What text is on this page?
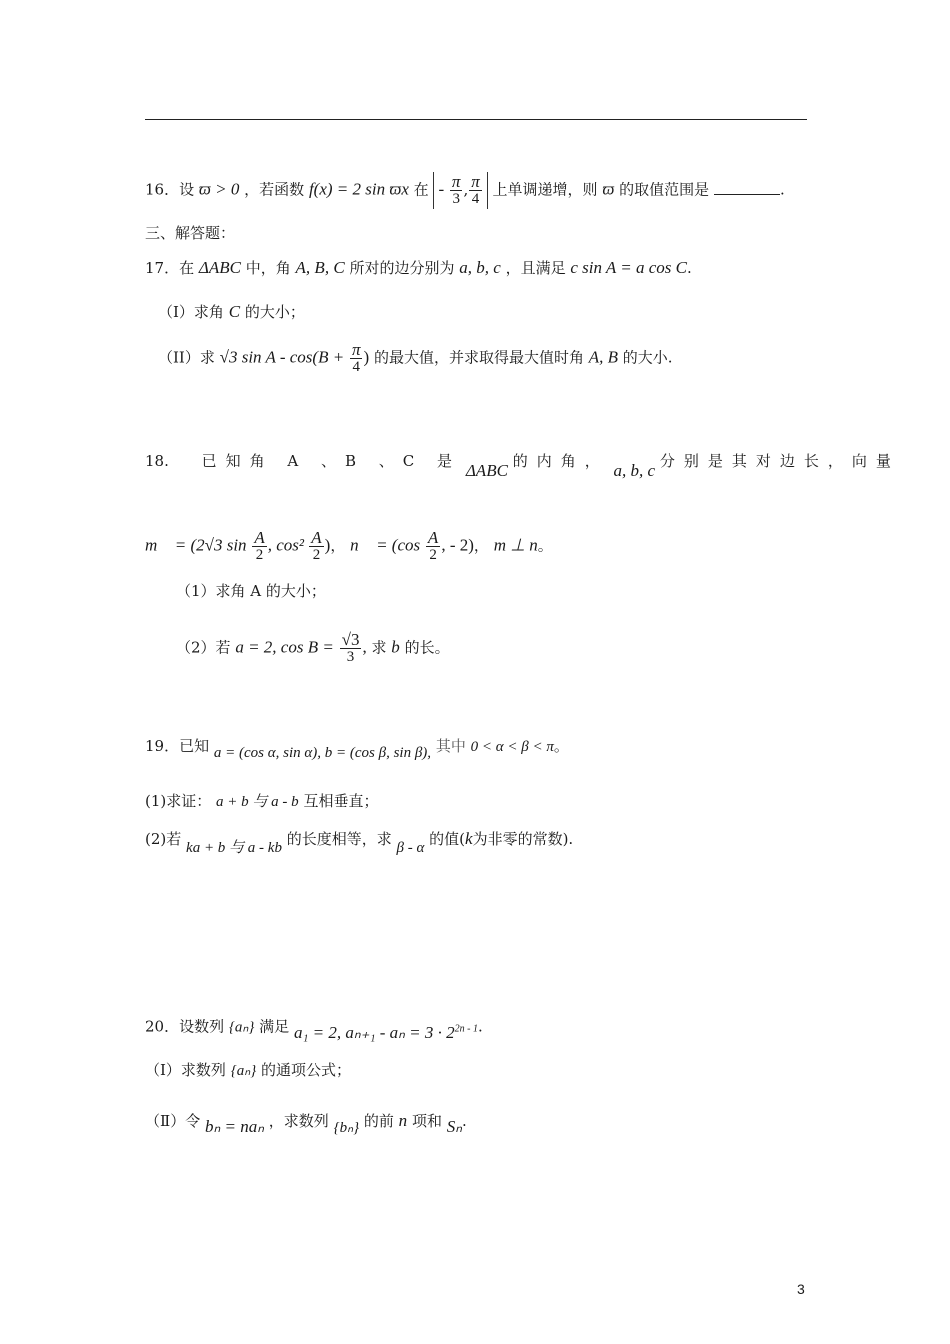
16．设 ϖ > 0 ，若函数 f(x) = 2 sin ϖx 在 - $\frac{\pi}{3}$ , $\frac{\pi}{4}$ 上单调递增，则 ϖ 的取值范围是	.
三、解答题：
17．在 ΔABC 中，角 A, B, C 所对的边分别为 a, b, c ，且满足 c sin A = a cos C.
（I）求角 C 的大小；
（II）求 √3 $\sin A - \cos(B + \frac{\pi}{4}$ ) 的最大值，并求取得最大值时角 A, B 的大小.
18. 已知角 A 、B 、C 是 ΔABC 的内角， a, b, c 分别是其对边长，向量
m⃗ = (2√3 $\sin \frac{A}{2}$ , $\cos^2 \frac{A}{2}$ )， n⃗ = ($\cos \frac{A}{2}$ , - 2)， m ⊥ n。
（1）求角 A 的大小；
（2）若 a = 2, $\cos B = \frac{√3}{3}$ , 求 b 的长。
19．已知 a = (cos α, sin α), b = (cos β, sin β), 其中 0 < α < β < π。
(1)求证： a + b 与 a - b 互相垂直；
(2)若 ka + b 与 a - kb 的长度相等，求 β - α 的值(k为非零的常数).
20．设数列 {aₙ} 满足 a₁ = 2, $a_{n+1} - a_n = 3 \cdot 2^{2n - 1}$.
（Ⅰ）求数列 {aₙ} 的通项公式；
（Ⅱ）令 bₙ = naₙ ，求数列 {bₙ} 的前 n 项和 Sₙ.
3
